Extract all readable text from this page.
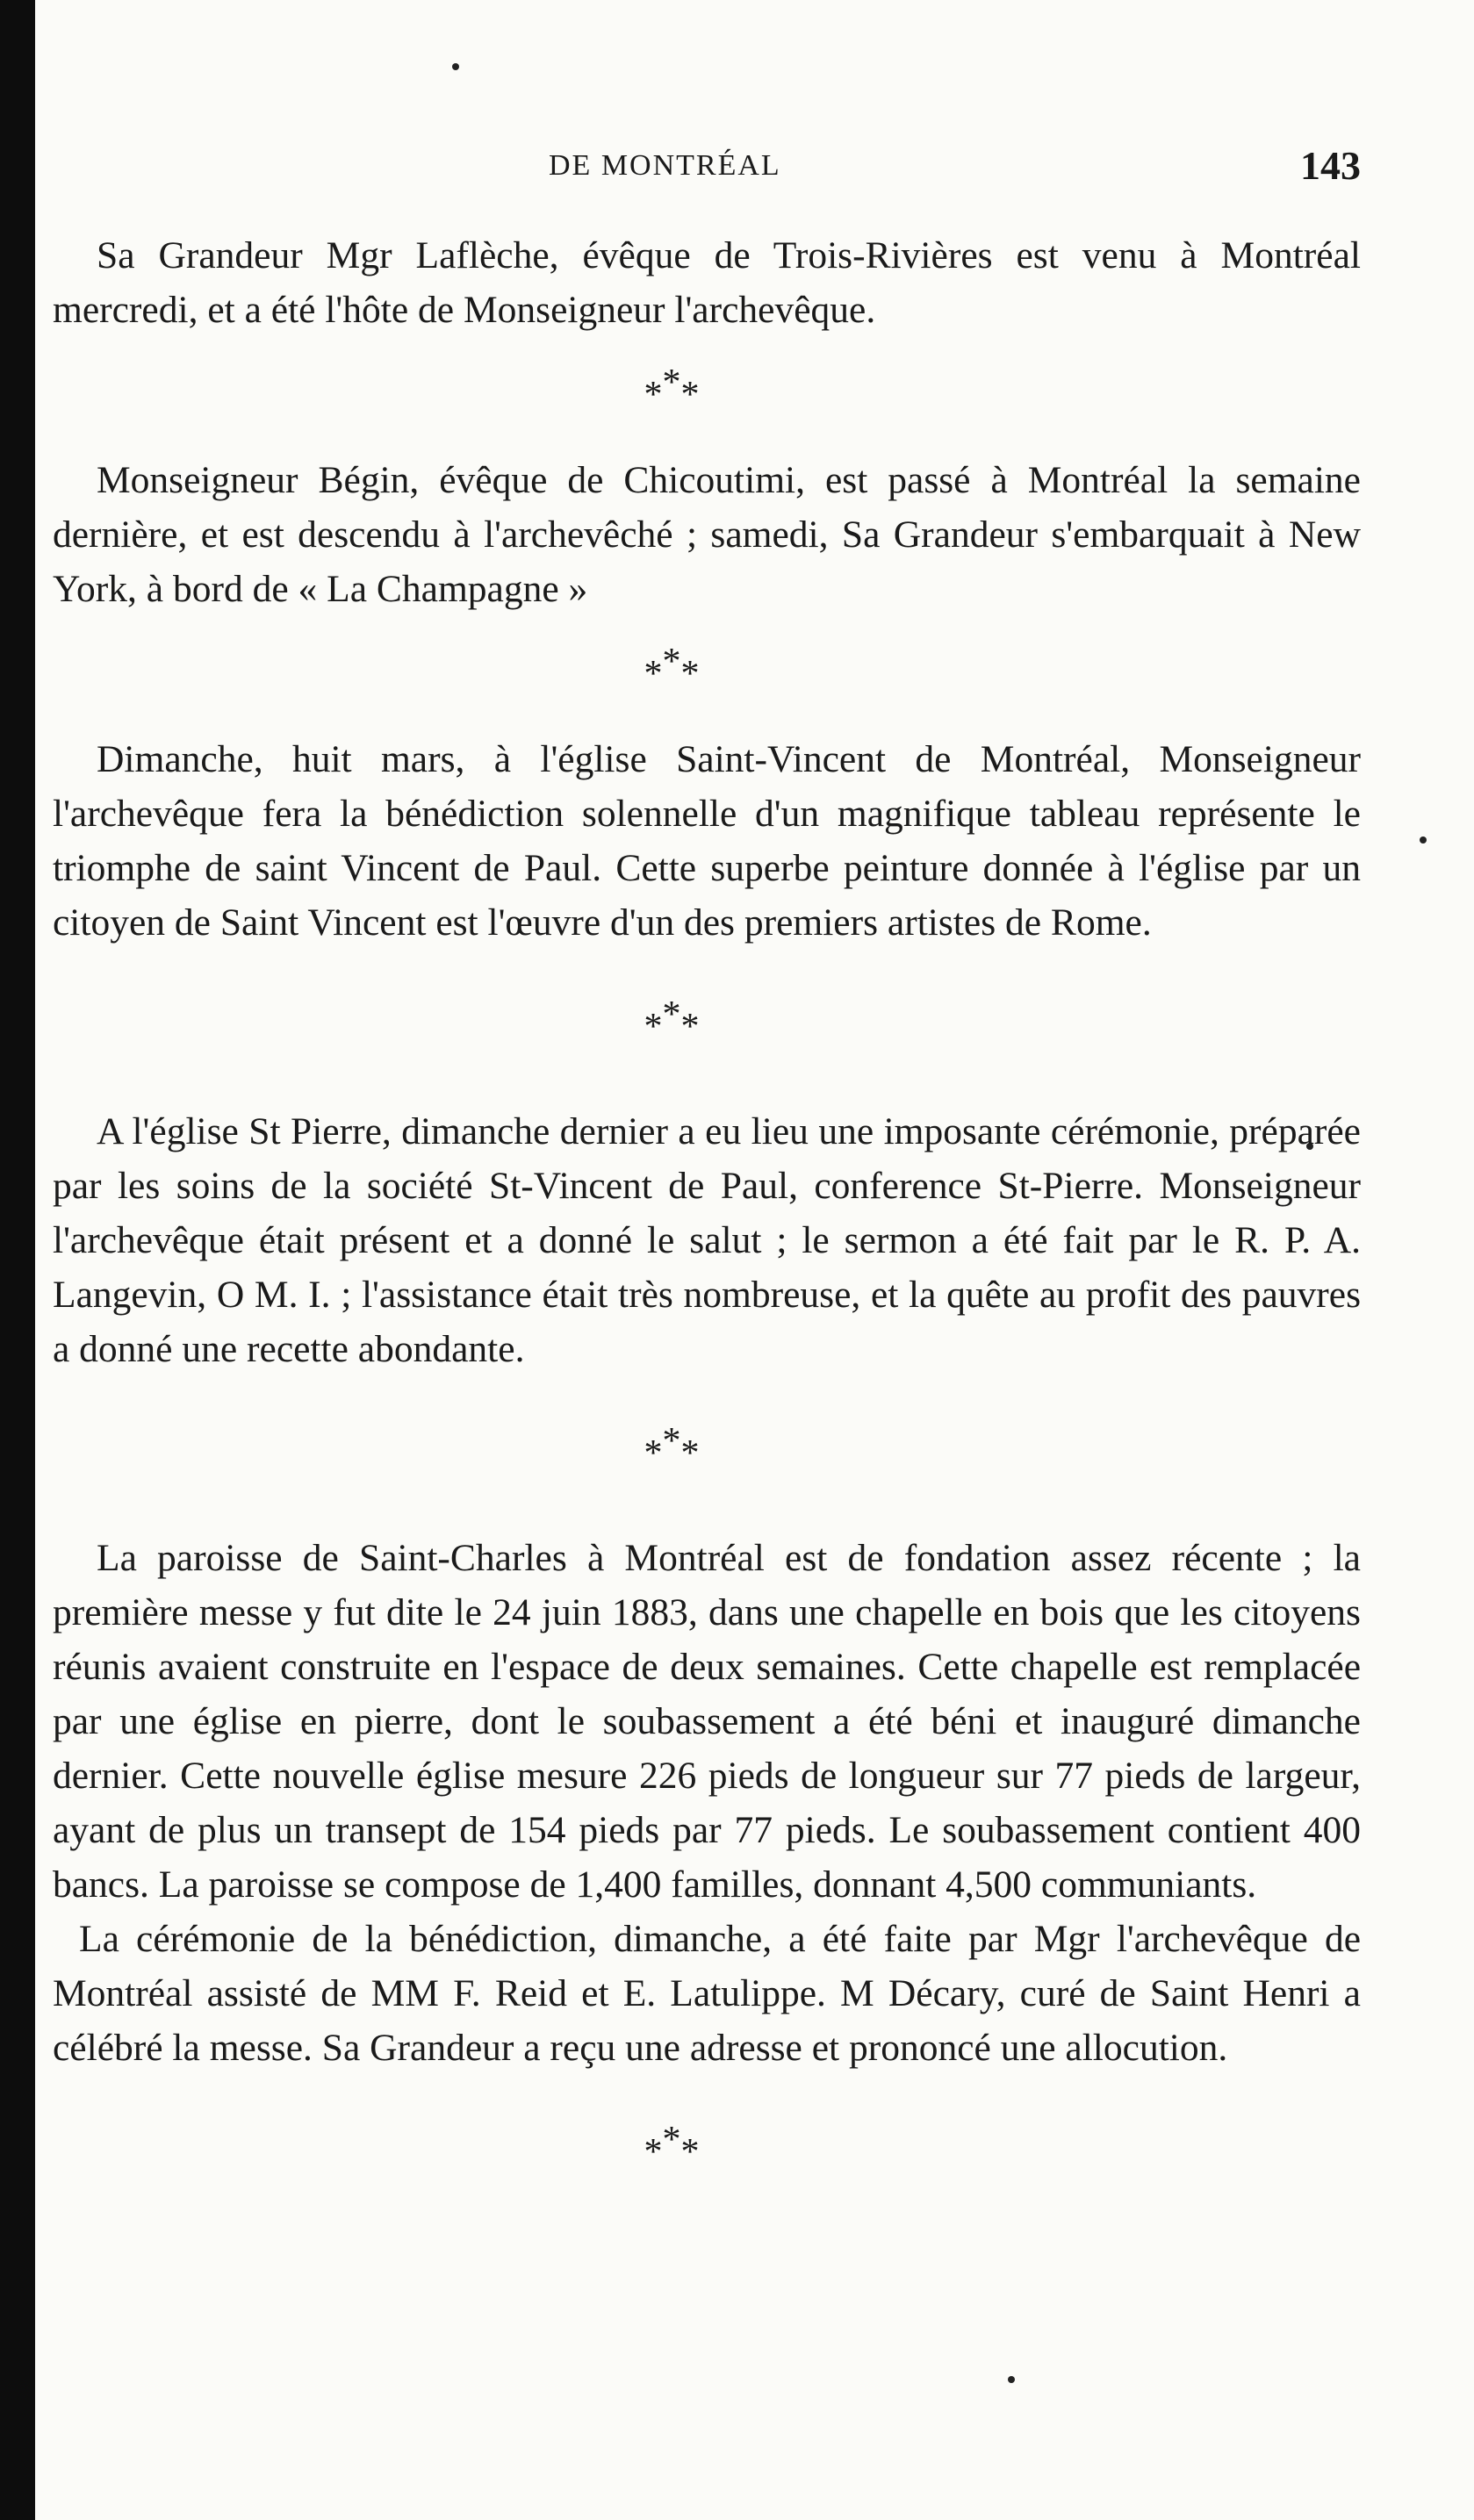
DE MONTRÉAL	143

Sa Grandeur Mgr Laflèche, évêque de Trois-Rivières est venu à Montréal mercredi, et a été l'hôte de Monseigneur l'archevêque.

***

Monseigneur Bégin, évêque de Chicoutimi, est passé à Montréal la semaine dernière, et est descendu à l'archevêché ; samedi, Sa Grandeur s'embarquait à New York, à bord de « La Champagne »

***

Dimanche, huit mars, à l'église Saint-Vincent de Montréal, Monseigneur l'archevêque fera la bénédiction solennelle d'un magnifique tableau représente le triomphe de saint Vincent de Paul. Cette superbe peinture donnée à l'église par un citoyen de Saint Vincent est l'œuvre d'un des premiers artistes de Rome.

***

A l'église St Pierre, dimanche dernier a eu lieu une imposante cérémonie, préparée par les soins de la société St-Vincent de Paul, conference St-Pierre. Monseigneur l'archevêque était présent et a donné le salut ; le sermon a été fait par le R. P. A. Langevin, O M. I. ; l'assistance était très nombreuse, et la quête au profit des pauvres a donné une recette abondante.

***

La paroisse de Saint-Charles à Montréal est de fondation assez récente ; la première messe y fut dite le 24 juin 1883, dans une chapelle en bois que les citoyens réunis avaient construite en l'espace de deux semaines. Cette chapelle est remplacée par une église en pierre, dont le soubassement a été béni et inauguré dimanche dernier. Cette nouvelle église mesure 226 pieds de longueur sur 77 pieds de largeur, ayant de plus un transept de 154 pieds par 77 pieds. Le soubassement contient 400 bancs. La paroisse se compose de 1,400 familles, donnant 4,500 communiants.

La cérémonie de la bénédiction, dimanche, a été faite par Mgr l'archevêque de Montréal assisté de MM F. Reid et E. Latulippe. M Décary, curé de Saint Henri a célébré la messe. Sa Grandeur a reçu une adresse et prononcé une allocution.

***
